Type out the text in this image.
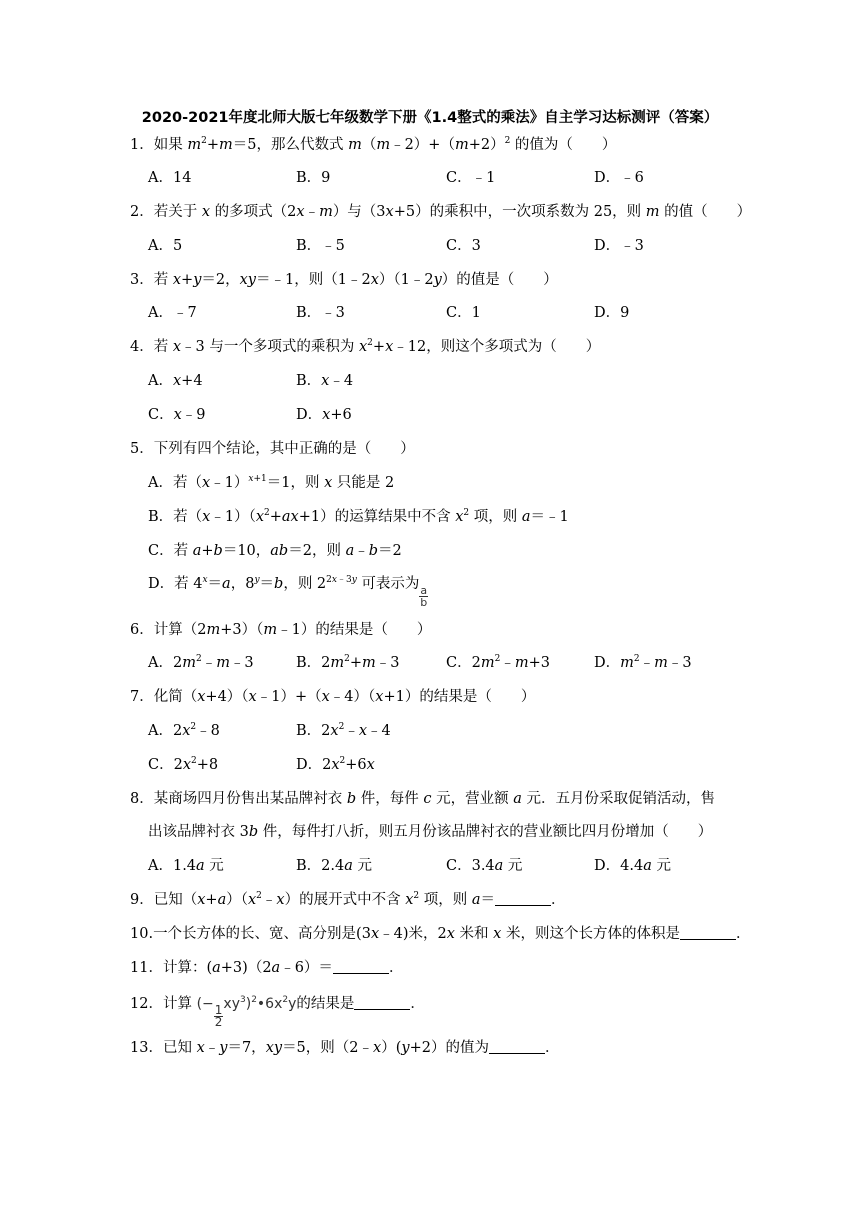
2020-2021年度北师大版七年级数学下册《1.4整式的乘法》自主学习达标测评（答案）
1．如果 $m^2+m=5$，那么代数式 $m(m﹣2)+(m+2)^2$ 的值为（　　）
A．14	B．9	C．﹣1	D．﹣6
2．若关于 x 的多项式（2x﹣m）与（3x+5）的乘积中，一次项系数为 25，则 m 的值（　　）
A．5	B．﹣5	C．3	D．﹣3
3．若 x+y＝2，xy＝﹣1，则（1﹣2x）（1﹣2y）的值是（　　）
A．﹣7	B．﹣3	C．1	D．9
4．若 x﹣3 与一个多项式的乘积为 $x^2+x﹣12$，则这个多项式为（　　）
A．x+4	B．x﹣4
C．x﹣9	D．x+6
5．下列有四个结论，其中正确的是（　　）
A．若（x﹣1）$^{x+1}$＝1，则 x 只能是 2
B．若$(x﹣1)(x^2+ax+1)$的运算结果中不含 $x^2$ 项，则 a＝﹣1
C．若 a+b＝10，ab＝2，则 a﹣b＝2
D．若 $4^x=a$，$8^y=b$，则 $2^{2x﹣3y}$ 可表示为
$\frac{a}{b}$
6．计算（2m+3）（m﹣1）的结果是（　　）
A．$2m^2﹣m﹣3$	B．$2m^2+m﹣3$	C．$2m^2﹣m+3$	D．$m^2﹣m﹣3$
7．化简（x+4）（x﹣1）+（x﹣4）（x+1）的结果是（　　）
A．$2x^2﹣8$	B．$2x^2﹣x﹣4$
C．$2x^2+8$	D．$2x^2+6x$
8．某商场四月份售出某品牌衬衣 b 件，每件 c 元，营业额 a 元．五月份采取促销活动，售
出该品牌衬衣 3b 件，每件打八折，则五月份该品牌衬衣的营业额比四月份增加（　　）
A．1.4a 元	B．2.4a 元	C．3.4a 元	D．4.4a 元
9．已知$(x+a)(x^2﹣x)$的展开式中不含 $x^2$ 项，则 a＝	．
10.一个长方体的长、宽、高分别是(3x﹣4)米，2x 米和 x 米，则这个长方体的体积是	．
11．计算：(a+3)（2a﹣6）＝	．
12．计算 (−
$\frac{1}{2}$
$xy^3)^2•6x^2y$的结果是	．
13．已知 x﹣y＝7，xy＝5，则（2﹣x）(y+2）的值为	．
